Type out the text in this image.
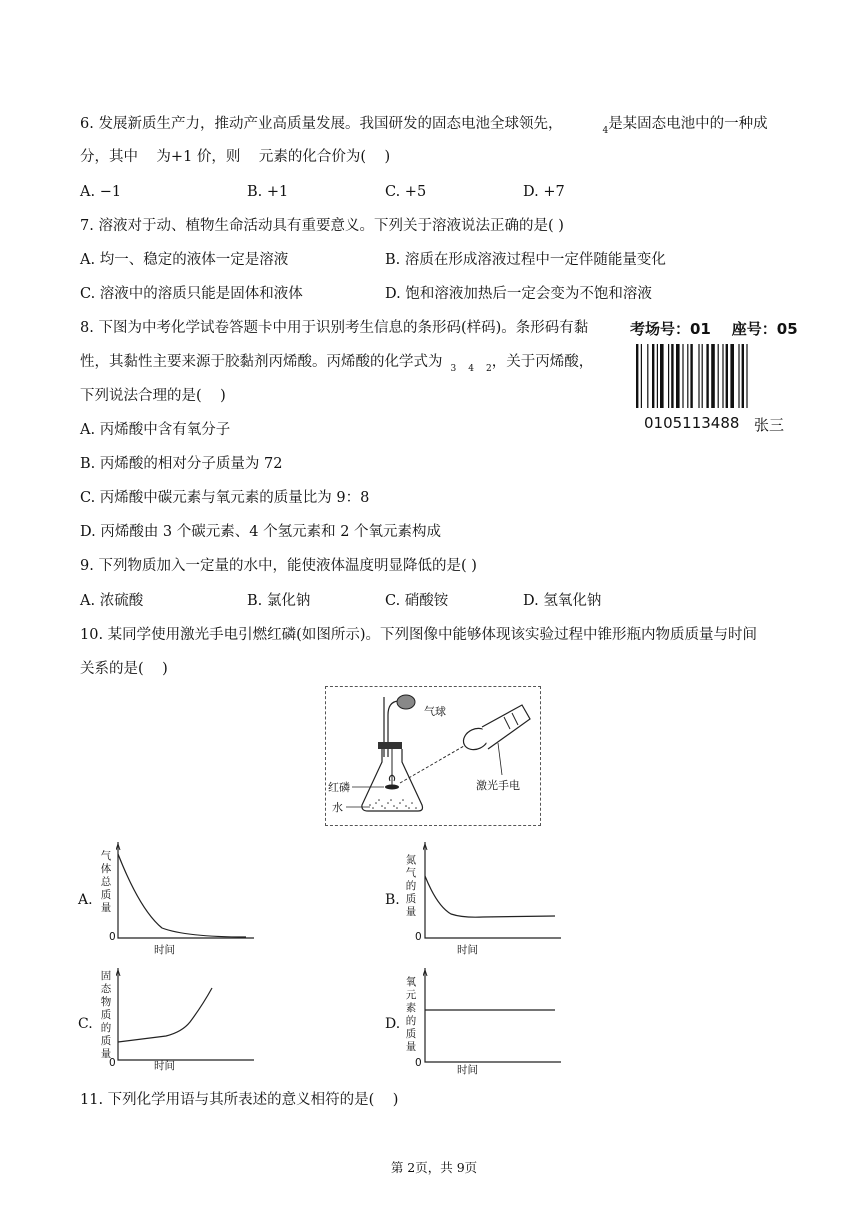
6. 发展新质生产力，推动产业高质量发展。我国研发的固态电池全球领先，	$_4$是某固态电池中的一种成
分，其中    为+1 价，则    元素的化合价为(    )
A. −1	B. +1	C. +5	D. +7
7. 溶液对于动、植物生命活动具有重要意义。下列关于溶液说法正确的是( )
A. 均一、稳定的液体一定是溶液	B. 溶质在形成溶液过程中一定伴随能量变化
C. 溶液中的溶质只能是固体和液体	D. 饱和溶液加热后一定会变为不饱和溶液
8. 下图为中考化学试卷答题卡中用于识别考生信息的条形码(样码)。条形码有黏
性，其黏性主要来源于胶黏剂丙烯酸。丙烯酸的化学式为 $_3$ $_4$ $_2$，关于丙烯酸，
下列说法合理的是(    )
A. 丙烯酸中含有氧分子
B. 丙烯酸的相对分子质量为 72
C. 丙烯酸中碳元素与氧元素的质量比为 9：8
D. 丙烯酸由 3 个碳元素、4 个氢元素和 2 个氧元素构成
考场号：01    座号：05
0105113488 张三
9. 下列物质加入一定量的水中，能使液体温度明显降低的是( )
A. 浓硫酸	B. 氯化钠	C. 硝酸铵	D. 氢氧化钠
10. 某同学使用激光手电引燃红磷(如图所示)。下列图像中能够体现该实验过程中锥形瓶内物质质量与时间
关系的是(    )
气球
激光手电
红磷
水
A.
气
体
总
质
量
0
时间
B.
氮
气
的
质
量
0
时间
C.
固
态
物
质
的
质
量
0	时间
D.
氧
元
素
的
质
量
0
时间
11. 下列化学用语与其所表述的意义相符的是(    )
第 2页，共 9页
